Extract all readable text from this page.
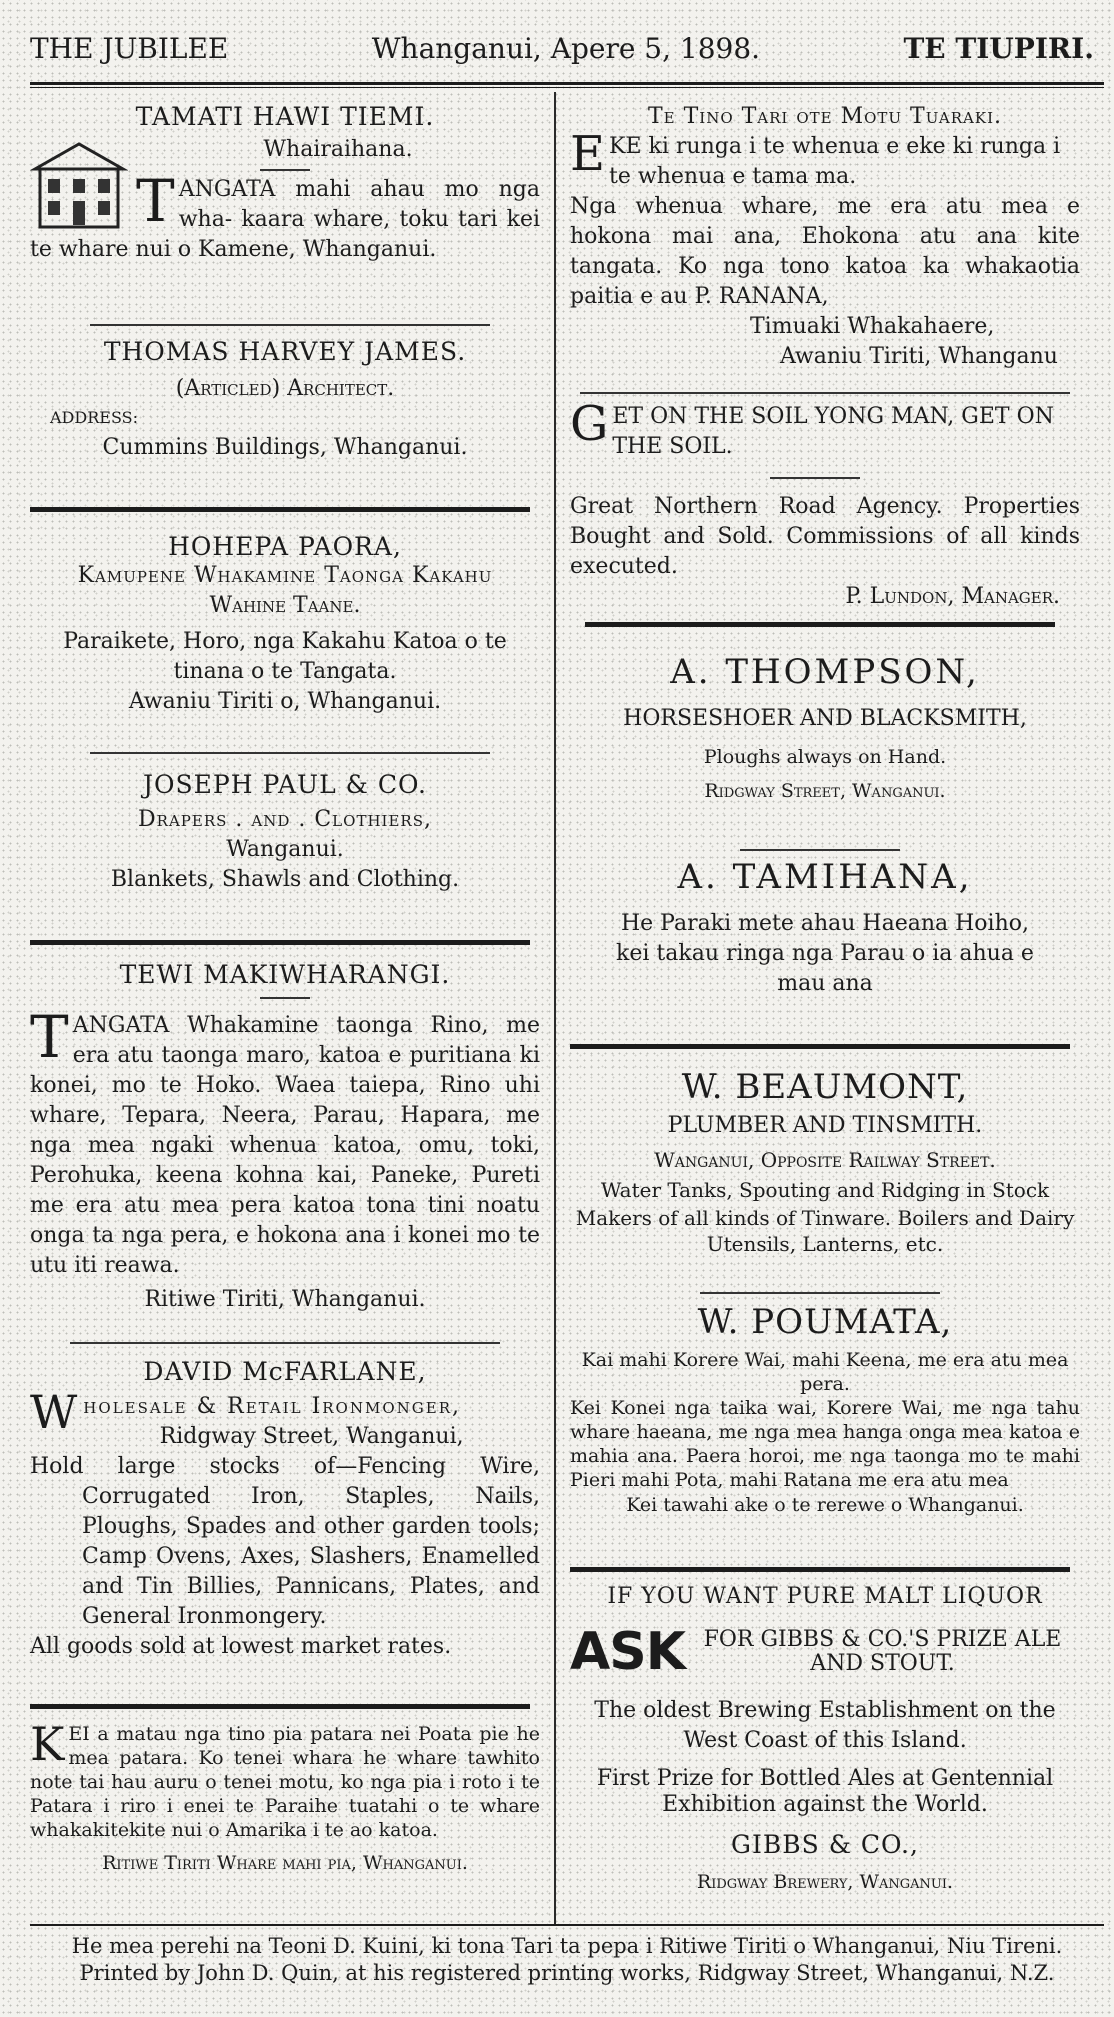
THE JUBILEE	Whanganui, Apere 5, 1898.	TE TIUPIRI.
TAMATI HAWI TIEMI.
Whairaihana.
T ANGATA mahi ahau mo nga wha- kaara whare, toku tari kei te whare nui o Kamene, Whanganui.
THOMAS HARVEY JAMES.
(Articled) Architect.
ADDRESS:
Cummins Buildings, Whanganui.
HOHEPA PAORA,
Kamupene Whakamine Taonga Kakahu
Wahine Taane.
Paraikete, Horo, nga Kakahu Katoa o te tinana o te Tangata.
Awaniu Tiriti o, Whanganui.
JOSEPH PAUL & CO.
Drapers . and . Clothiers,
Wanganui.
Blankets, Shawls and Clothing.
TEWI MAKIWHARANGI.
T ANGATA Whakamine taonga Rino, me era atu taonga maro, katoa e puritiana ki konei, mo te Hoko. Waea taiepa, Rino uhi whare, Tepara, Neera, Parau, Hapara, me nga mea ngaki whenua katoa, omu, toki, Perohuka, keena kohna kai, Paneke, Pureti me era atu mea pera katoa tona tini noatu onga ta nga pera, e hokona ana i konei mo te utu iti reawa.
Ritiwe Tiriti, Whanganui.
DAVID McFARLANE,
W holesale & Retail Ironmonger,
Ridgway Street, Wanganui,
Hold large stocks of—Fencing Wire, Corrugated Iron, Staples, Nails, Ploughs, Spades and other garden tools; Camp Ovens, Axes, Slashers, Enamelled and Tin Billies, Pannicans, Plates, and General Ironmongery.
All goods sold at lowest market rates.
K EI a matau nga tino pia patara nei Poata pie he mea patara. Ko tenei whara he whare tawhito note tai hau auru o tenei motu, ko nga pia i roto i te Patara i riro i enei te Paraihe tuatahi o te whare whakakitekite nui o Amarika i te ao katoa.
Ritiwe Tiriti Whare mahi pia, Whanganui.
Te Tino Tari ote Motu Tuaraki.
E KE ki runga i te whenua e eke ki runga i te whenua e tama ma.
Nga whenua whare, me era atu mea e hokona mai ana, Ehokona atu ana kite tangata. Ko nga tono katoa ka whakaotia paitia e au P. RANANA,
Timuaki Whakahaere,
Awaniu Tiriti, Whanganu
G ET ON THE SOIL YONG MAN, GET ON THE SOIL.
Great Northern Road Agency. Properties Bought and Sold. Commissions of all kinds executed.
P. Lundon, Manager.
A. THOMPSON,
HORSESHOER AND BLACKSMITH,
Ploughs always on Hand.
Ridgway Street, Wanganui.
A. TAMIHANA,
He Paraki mete ahau Haeana Hoiho, kei takau ringa nga Parau o ia ahua e mau ana
W. BEAUMONT,
PLUMBER AND TINSMITH.
Wanganui, Opposite Railway Street.
Water Tanks, Spouting and Ridging in Stock
Makers of all kinds of Tinware. Boilers and Dairy Utensils, Lanterns, etc.
W. POUMATA,
Kai mahi Korere Wai, mahi Keena, me era atu mea pera.
Kei Konei nga taika wai, Korere Wai, me nga tahu whare haeana, me nga mea hanga onga mea katoa e mahia ana. Paera horoi, me nga taonga mo te mahi Pieri mahi Pota, mahi Ratana me era atu mea
Kei tawahi ake o te rerewe o Whanganui.
IF YOU WANT PURE MALT LIQUOR
ASK FOR GIBBS & CO.'S PRIZE ALE AND STOUT.
The oldest Brewing Establishment on the West Coast of this Island.
First Prize for Bottled Ales at Gentennial Exhibition against the World.
GIBBS & CO.,
Ridgway Brewery, Wanganui.
He mea perehi na Teoni D. Kuini, ki tona Tari ta pepa i Ritiwe Tiriti o Whanganui, Niu Tireni.
Printed by John D. Quin, at his registered printing works, Ridgway Street, Whanganui, N.Z.
